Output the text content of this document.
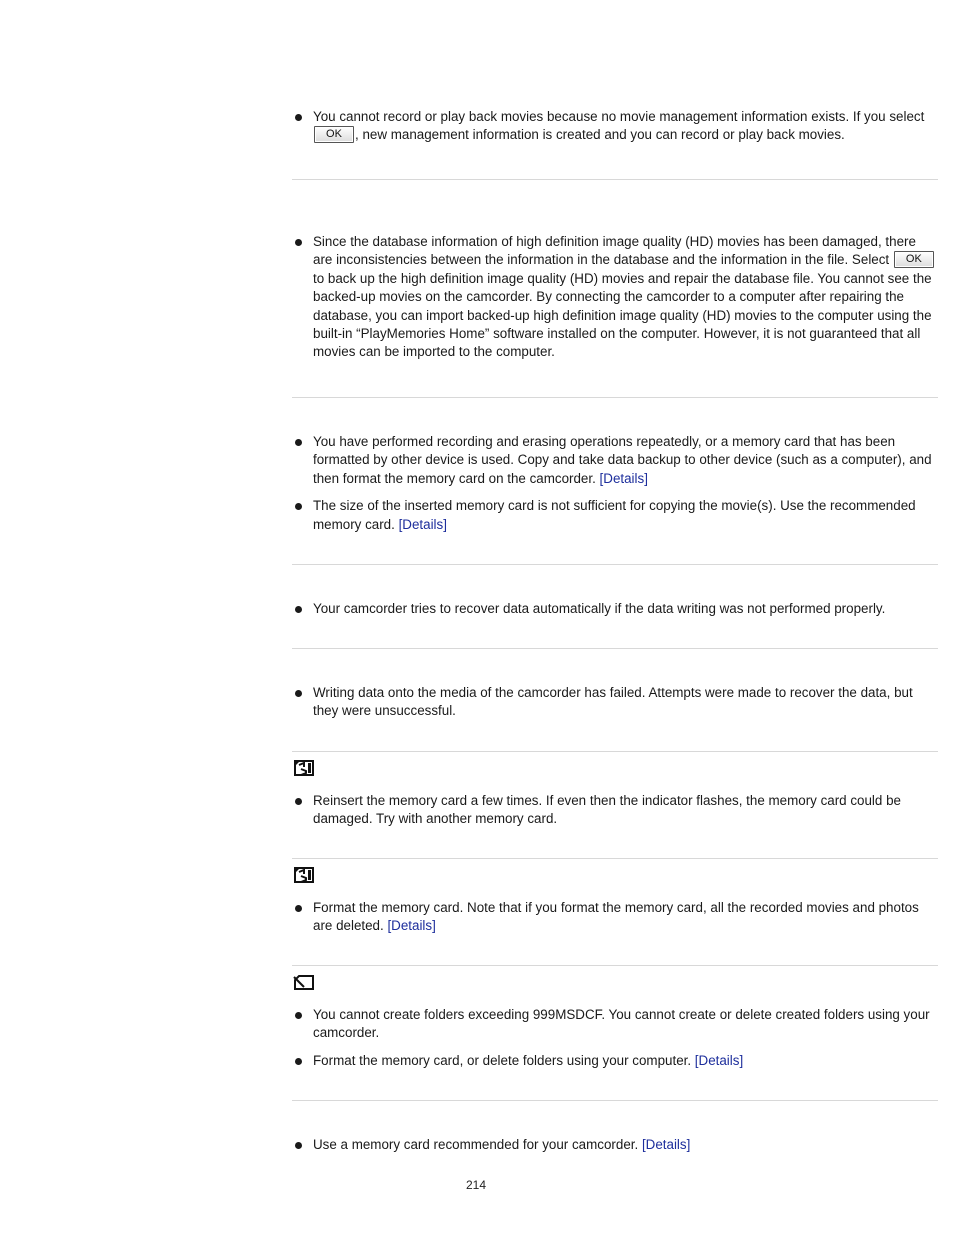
You cannot record or play back movies because no movie management information exists. If you select OK , new management information is created and you can record or play back movies.
Since the database information of high definition image quality (HD) movies has been damaged, there are inconsistencies between the information in the database and the information in the file. Select OK to back up the high definition image quality (HD) movies and repair the database file. You cannot see the backed-up movies on the camcorder. By connecting the camcorder to a computer after repairing the database, you can import backed-up high definition image quality (HD) movies to the computer using the built-in “PlayMemories Home” software installed on the computer. However, it is not guaranteed that all movies can be imported to the computer.
You have performed recording and erasing operations repeatedly, or a memory card that has been formatted by other device is used. Copy and take data backup to other device (such as a computer), and then format the memory card on the camcorder. [Details]
The size of the inserted memory card is not sufficient for copying the movie(s). Use the recommended memory card. [Details]
Your camcorder tries to recover data automatically if the data writing was not performed properly.
Writing data onto the media of the camcorder has failed. Attempts were made to recover the data, but they were unsuccessful.
Reinsert the memory card a few times. If even then the indicator flashes, the memory card could be damaged. Try with another memory card.
Format the memory card. Note that if you format the memory card, all the recorded movies and photos are deleted. [Details]
You cannot create folders exceeding 999MSDCF. You cannot create or delete created folders using your camcorder.
Format the memory card, or delete folders using your computer. [Details]
Use a memory card recommended for your camcorder. [Details]
214
